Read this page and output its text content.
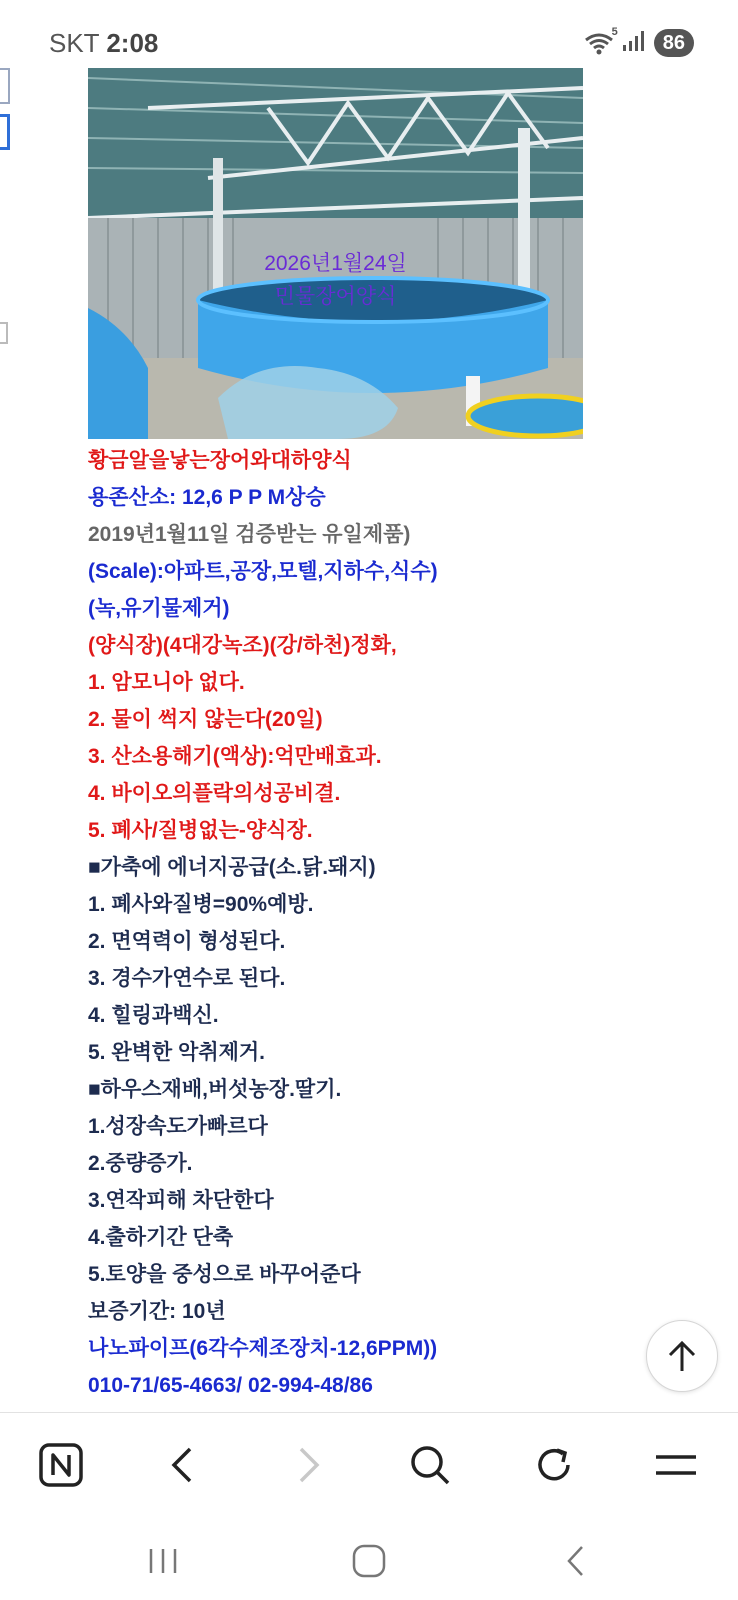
SKT 2:08	5	86
2026년1월24일
민물장어양식
황금알을낳는장어와대하양식
용존산소: 12,6 P P M상승
2019년1월11일 검증받는 유일제품)
(Scale):아파트,공장,모텔,지하수,식수)
(녹,유기물제거)
(양식장)(4대강녹조)(강/하천)정화,
1. 암모니아 없다.
2. 물이 썩지 않는다(20일)
3. 산소용해기(액상):억만배효과.
4. 바이오의플락의성공비결.
5. 폐사/질병없는-양식장.
■가축에 에너지공급(소.닭.돼지)
1. 폐사와질병=90%예방.
2. 면역력이 형성된다.
3. 경수가연수로 된다.
4. 힐링과백신.
5. 완벽한 악취제거.
■하우스재배,버섯농장.딸기.
1.성장속도가빠르다
2.중량증가.
3.연작피해 차단한다
4.출하기간 단축
5.토양을 중성으로 바꾸어준다
보증기간: 10년
나노파이프(6각수제조장치-12,6PPM))
010-71/65-4663/ 02-994-48/86
